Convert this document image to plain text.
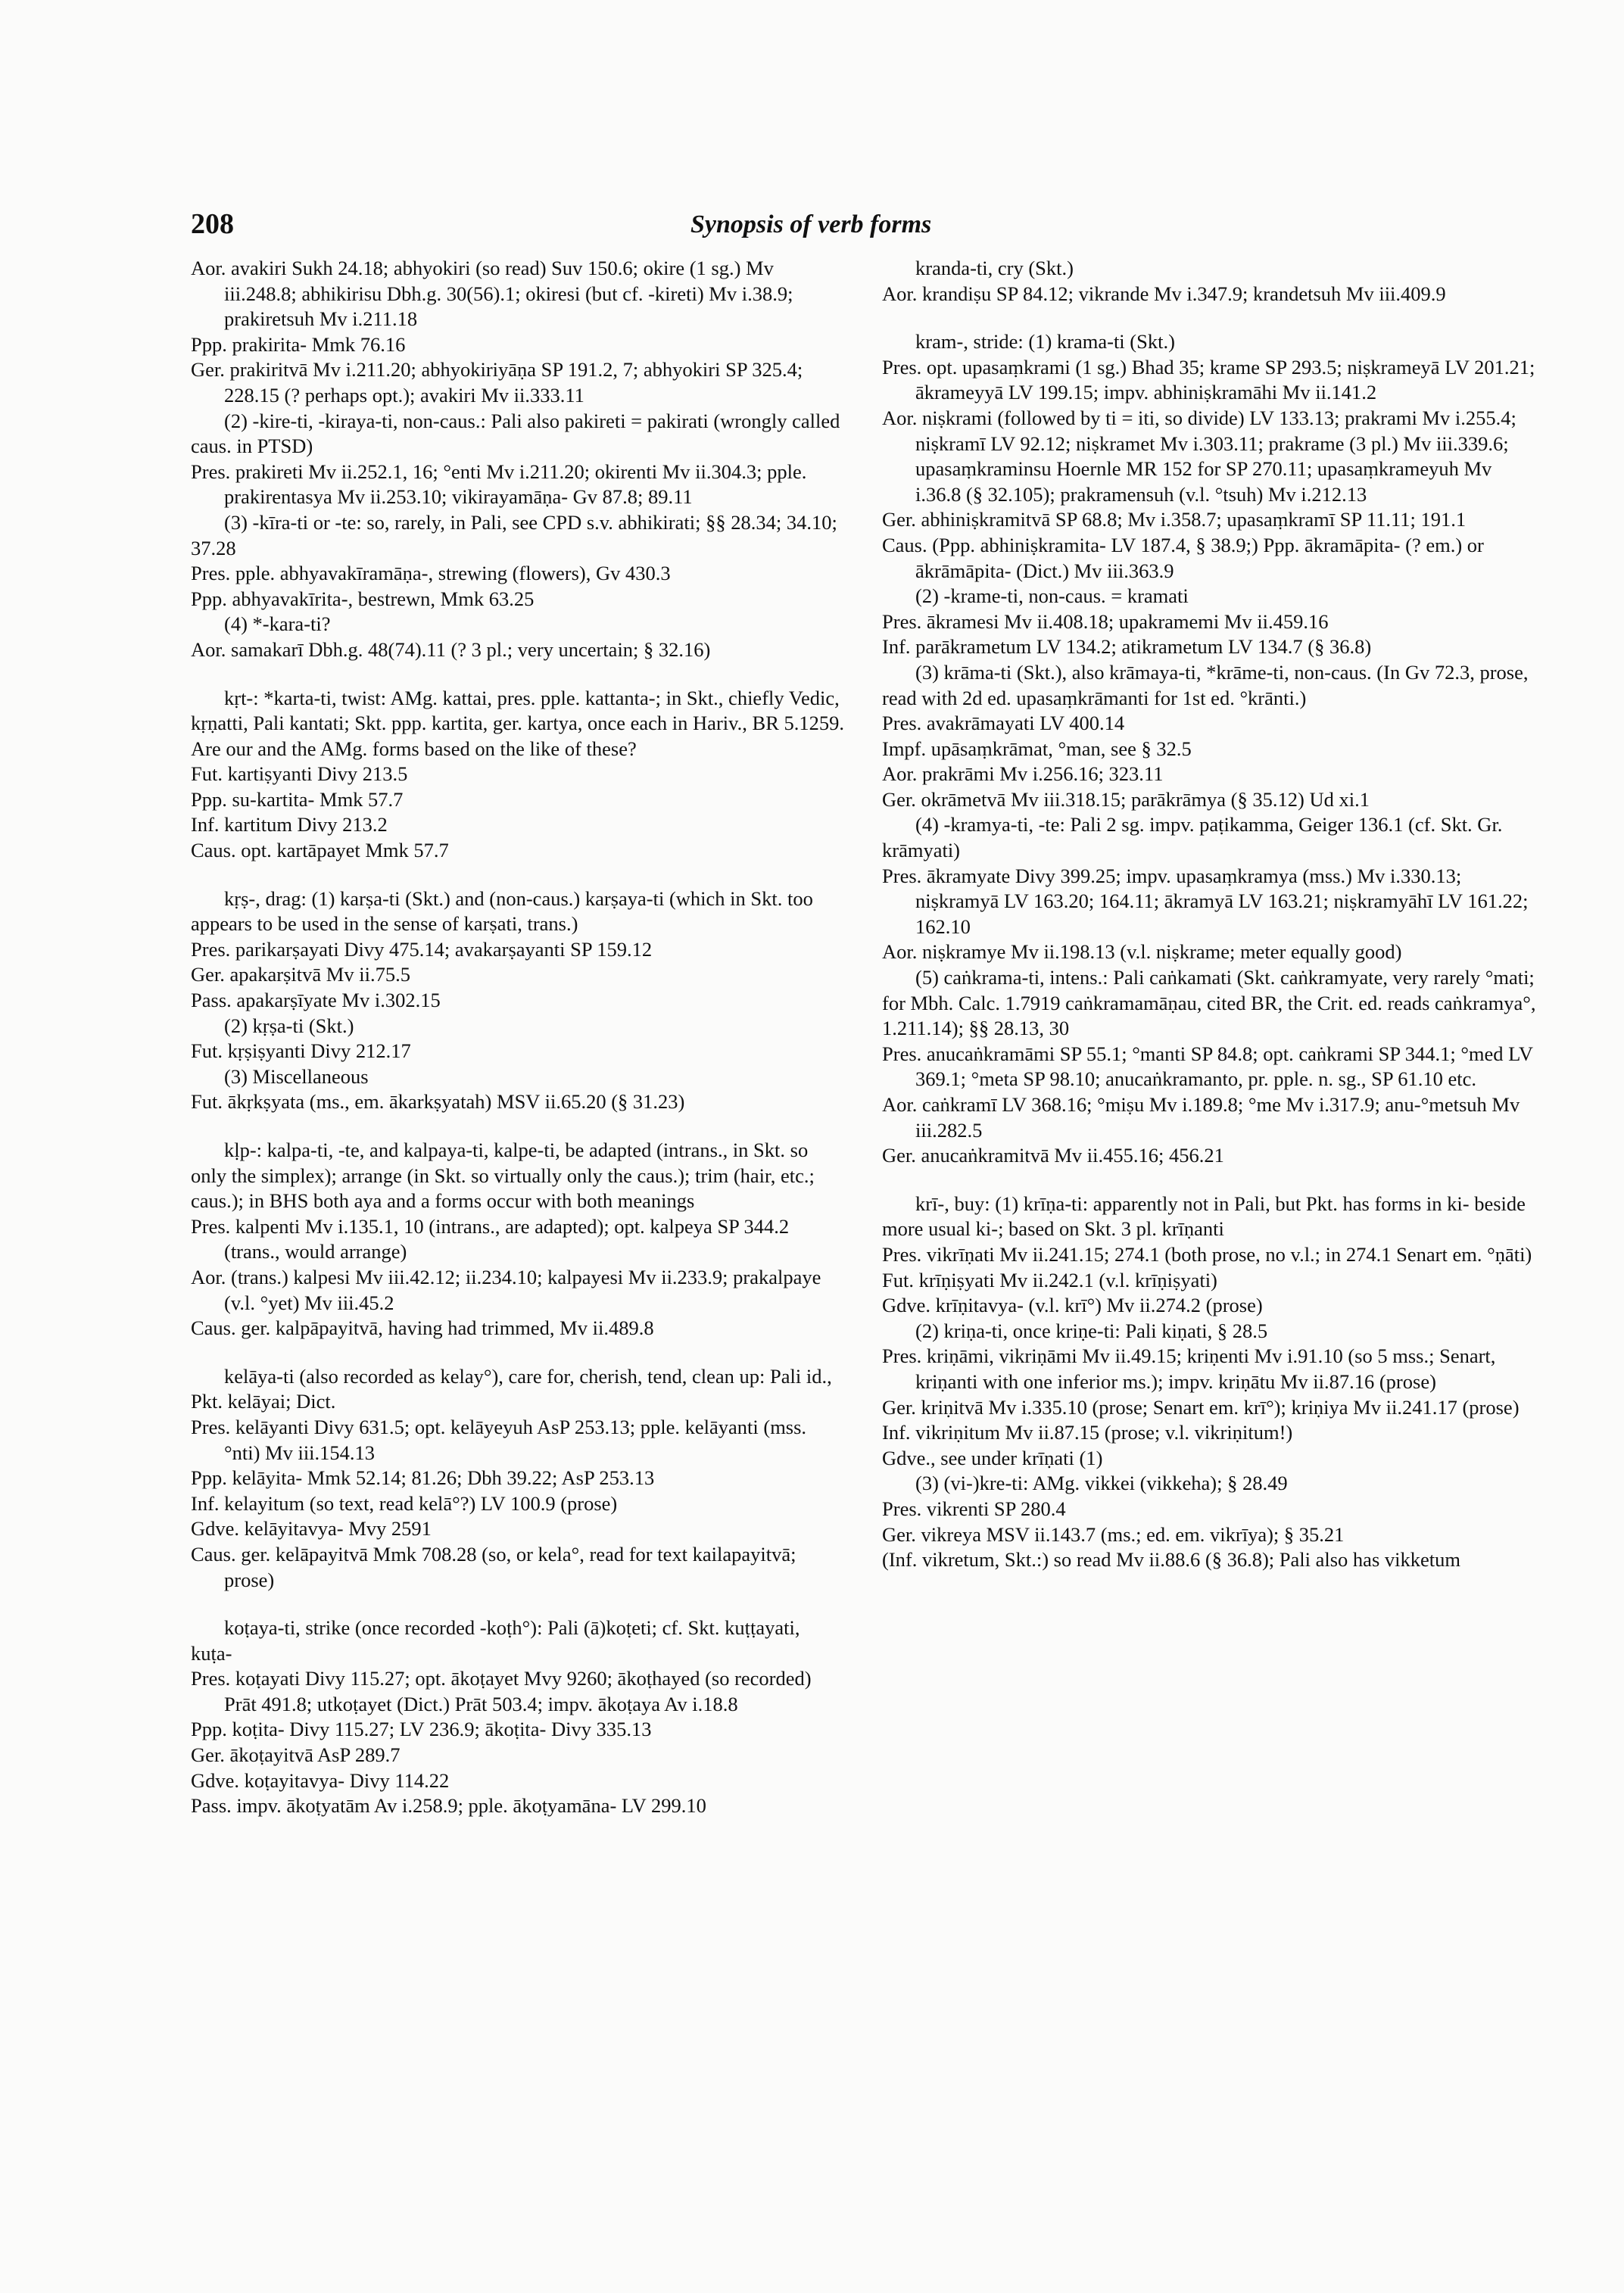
208	Synopsis of verb forms
Aor. avakiri Sukh 24.18; abhyokiri (so read) Suv 150.6; okire (1 sg.) Mv iii.248.8; abhikirisu Dbh.g. 30(56).1; okiresi (but cf. -kireti) Mv i.38.9; prakiretsuh Mv i.211.18
Ppp. prakirita- Mmk 76.16
Ger. prakiritvā Mv i.211.20; abhyokiriyāṇa SP 191.2, 7; abhyokiri SP 325.4; 228.15 (? perhaps opt.); avakiri Mv ii.333.11
(2) -kire-ti, -kiraya-ti, non-caus.: Pali also pakireti = pakirati (wrongly called caus. in PTSD)
Pres. prakireti Mv ii.252.1, 16; °enti Mv i.211.20; okirenti Mv ii.304.3; pple. prakirentasya Mv ii.253.10; vikirayamāṇa- Gv 87.8; 89.11
(3) -kīra-ti or -te: so, rarely, in Pali, see CPD s.v. abhikirati; §§ 28.34; 34.10; 37.28
Pres. pple. abhyavakīramāṇa-, strewing (flowers), Gv 430.3
Ppp. abhyavakīrita-, bestrewn, Mmk 63.25
(4) *-kara-ti?
Aor. samakarī Dbh.g. 48(74).11 (? 3 pl.; very uncertain; § 32.16)
kṛt-: *karta-ti, twist: AMg. kattai, pres. pple. kattanta-; in Skt., chiefly Vedic, kṛṇatti, Pali kantati; Skt. ppp. kartita, ger. kartya, once each in Hariv., BR 5.1259. Are our and the AMg. forms based on the like of these?
Fut. kartiṣyanti Divy 213.5
Ppp. su-kartita- Mmk 57.7
Inf. kartitum Divy 213.2
Caus. opt. kartāpayet Mmk 57.7
kṛṣ-, drag: (1) karṣa-ti (Skt.) and (non-caus.) karṣaya-ti (which in Skt. too appears to be used in the sense of karṣati, trans.)
Pres. parikarṣayati Divy 475.14; avakarṣayanti SP 159.12
Ger. apakarṣitvā Mv ii.75.5
Pass. apakarṣīyate Mv i.302.15
(2) kṛṣa-ti (Skt.)
Fut. kṛṣiṣyanti Divy 212.17
(3) Miscellaneous
Fut. ākṛkṣyata (ms., em. ākarkṣyatah) MSV ii.65.20 (§ 31.23)
kḷp-: kalpa-ti, -te, and kalpaya-ti, kalpe-ti, be adapted (intrans., in Skt. so only the simplex); arrange (in Skt. so virtually only the caus.); trim (hair, etc.; caus.); in BHS both aya and a forms occur with both meanings
Pres. kalpenti Mv i.135.1, 10 (intrans., are adapted); opt. kalpeya SP 344.2 (trans., would arrange)
Aor. (trans.) kalpesi Mv iii.42.12; ii.234.10; kalpayesi Mv ii.233.9; prakalpaye (v.l. °yet) Mv iii.45.2
Caus. ger. kalpāpayitvā, having had trimmed, Mv ii.489.8
kelāya-ti (also recorded as kelay°), care for, cherish, tend, clean up: Pali id., Pkt. kelāyai; Dict.
Pres. kelāyanti Divy 631.5; opt. kelāyeyuh AsP 253.13; pple. kelāyanti (mss. °nti) Mv iii.154.13
Ppp. kelāyita- Mmk 52.14; 81.26; Dbh 39.22; AsP 253.13
Inf. kelayitum (so text, read kelā°?) LV 100.9 (prose)
Gdve. kelāyitavya- Mvy 2591
Caus. ger. kelāpayitvā Mmk 708.28 (so, or kela°, read for text kailapayitvā; prose)
koṭaya-ti, strike (once recorded -koṭh°): Pali (ā)koṭeti; cf. Skt. kuṭṭayati, kuṭa-
Pres. koṭayati Divy 115.27; opt. ākoṭayet Mvy 9260; ākoṭhayed (so recorded) Prāt 491.8; utkoṭayet (Dict.) Prāt 503.4; impv. ākoṭaya Av i.18.8
Ppp. koṭita- Divy 115.27; LV 236.9; ākoṭita- Divy 335.13
Ger. ākoṭayitvā AsP 289.7
Gdve. koṭayitavya- Divy 114.22
Pass. impv. ākoṭyatām Av i.258.9; pple. ākoṭyamāna- LV 299.10
kranda-ti, cry (Skt.)
Aor. krandiṣu SP 84.12; vikrande Mv i.347.9; krandetsuh Mv iii.409.9
kram-, stride: (1) krama-ti (Skt.)
Pres. opt. upasaṃkrami (1 sg.) Bhad 35; krame SP 293.5; niṣkrameyā LV 201.21; ākrameyyā LV 199.15; impv. abhiniṣkramāhi Mv ii.141.2
Aor. niṣkrami (followed by ti = iti, so divide) LV 133.13; prakrami Mv i.255.4; niṣkramī LV 92.12; niṣkramet Mv i.303.11; prakrame (3 pl.) Mv iii.339.6; upasaṃkraminsu Hoernle MR 152 for SP 270.11; upasaṃkrameyuh Mv i.36.8 (§ 32.105); prakramensuh (v.l. °tsuh) Mv i.212.13
Ger. abhiniṣkramitvā SP 68.8; Mv i.358.7; upasaṃkramī SP 11.11; 191.1
Caus. (Ppp. abhiniṣkramita- LV 187.4, § 38.9;) Ppp. ākramāpita- (? em.) or ākrāmāpita- (Dict.) Mv iii.363.9
(2) -krame-ti, non-caus. = kramati
Pres. ākramesi Mv ii.408.18; upakramemi Mv ii.459.16
Inf. parākrametum LV 134.2; atikrametum LV 134.7 (§ 36.8)
(3) krāma-ti (Skt.), also krāmaya-ti, *krāme-ti, non-caus. (In Gv 72.3, prose, read with 2d ed. upasaṃkrāmanti for 1st ed. °krānti.)
Pres. avakrāmayati LV 400.14
Impf. upāsaṃkrāmat, °man, see § 32.5
Aor. prakrāmi Mv i.256.16; 323.11
Ger. okrāmetvā Mv iii.318.15; parākrāmya (§ 35.12) Ud xi.1
(4) -kramya-ti, -te: Pali 2 sg. impv. paṭikamma, Geiger 136.1 (cf. Skt. Gr. krāmyati)
Pres. ākramyate Divy 399.25; impv. upasaṃkramya (mss.) Mv i.330.13; niṣkramyā LV 163.20; 164.11; ākramyā LV 163.21; niṣkramyāhī LV 161.22; 162.10
Aor. niṣkramye Mv ii.198.13 (v.l. niṣkrame; meter equally good)
(5) caṅkrama-ti, intens.: Pali caṅkamati (Skt. caṅkramyate, very rarely °mati; for Mbh. Calc. 1.7919 caṅkramamāṇau, cited BR, the Crit. ed. reads caṅkramya°, 1.211.14); §§ 28.13, 30
Pres. anucaṅkramāmi SP 55.1; °manti SP 84.8; opt. caṅkrami SP 344.1; °med LV 369.1; °meta SP 98.10; anucaṅkramanto, pr. pple. n. sg., SP 61.10 etc.
Aor. caṅkramī LV 368.16; °miṣu Mv i.189.8; °me Mv i.317.9; anu-°metsuh Mv iii.282.5
Ger. anucaṅkramitvā Mv ii.455.16; 456.21
krī-, buy: (1) krīṇa-ti: apparently not in Pali, but Pkt. has forms in ki- beside more usual ki-; based on Skt. 3 pl. krīṇanti
Pres. vikrīṇati Mv ii.241.15; 274.1 (both prose, no v.l.; in 274.1 Senart em. °ṇāti)
Fut. krīṇiṣyati Mv ii.242.1 (v.l. krīṇiṣyati)
Gdve. krīṇitavya- (v.l. krī°) Mv ii.274.2 (prose)
(2) kriṇa-ti, once kriṇe-ti: Pali kiṇati, § 28.5
Pres. kriṇāmi, vikriṇāmi Mv ii.49.15; kriṇenti Mv i.91.10 (so 5 mss.; Senart, kriṇanti with one inferior ms.); impv. kriṇātu Mv ii.87.16 (prose)
Ger. kriṇitvā Mv i.335.10 (prose; Senart em. krī°); kriṇiya Mv ii.241.17 (prose)
Inf. vikriṇitum Mv ii.87.15 (prose; v.l. vikriṇitum!)
Gdve., see under krīṇati (1)
(3) (vi-)kre-ti: AMg. vikkei (vikkeha); § 28.49
Pres. vikrenti SP 280.4
Ger. vikreya MSV ii.143.7 (ms.; ed. em. vikrīya); § 35.21
(Inf. vikretum, Skt.:) so read Mv ii.88.6 (§ 36.8); Pali also has vikketum
